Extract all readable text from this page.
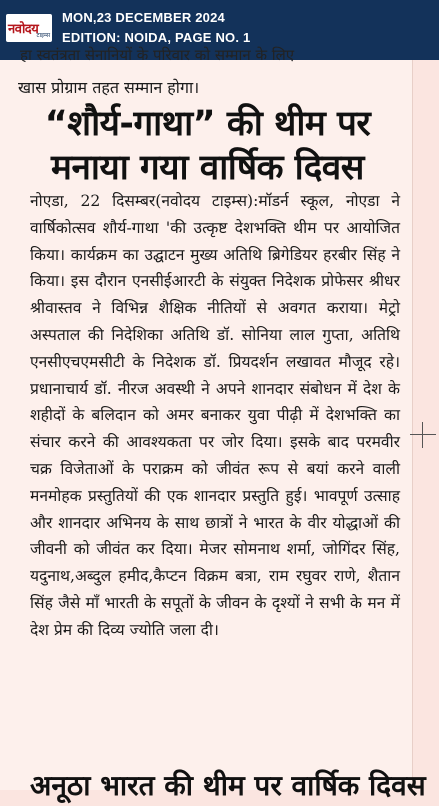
नवोदय
टाइम्स
MON,23 DECEMBER 2024
EDITION: NOIDA, PAGE NO. 1
हा स्वतंत्रता सेनानियों के परिवार को सम्मान के लिए
खास प्रोग्राम तहत सम्मान होगा।
“शौर्य-गाथा” की थीम पर
मनाया गया वार्षिक दिवस

नोएडा, 22 दिसम्बर(नवोदय टाइम्स):मॉडर्न स्कूल, नोएडा ने वार्षिकोत्सव शौर्य-गाथा 'की उत्कृष्ट देशभक्ति थीम पर आयोजित किया। कार्यक्रम का उद्घाटन मुख्य अतिथि ब्रिगेडियर हरबीर सिंह ने किया। इस दौरान एनसीईआरटी के संयुक्त निदेशक प्रोफेसर श्रीधर श्रीवास्तव ने विभिन्न शैक्षिक नीतियों से अवगत कराया। मेट्रो अस्पताल की निदेशिका अतिथि डॉ. सोनिया लाल गुप्ता, अतिथि एनसीएचएमसीटी के निदेशक डॉ. प्रियदर्शन लखावत मौजूद रहे। प्रधानाचार्य डॉ. नीरज अवस्थी ने अपने शानदार संबोधन में देश के शहीदों के बलिदान को अमर बनाकर युवा पीढ़ी में देशभक्ति का संचार करने की आवश्यकता पर जोर दिया। इसके बाद परमवीर चक्र विजेताओं के पराक्रम को जीवंत रूप से बयां करने वाली मनमोहक प्रस्तुतियों की एक शानदार प्रस्तुति हुई। भावपूर्ण उत्साह और शानदार अभिनय के साथ छात्रों ने भारत के वीर योद्धाओं की जीवनी को जीवंत कर दिया। मेजर सोमनाथ शर्मा, जोगिंदर सिंह, यदुनाथ,अब्दुल हमीद,कैप्टन विक्रम बत्रा, राम रघुवर राणे, शैतान सिंह जैसे माँ भारती के सपूतों के जीवन के दृश्यों ने सभी के मन में देश प्रेम की दिव्य ज्योति जला दी।

अनूठा भारत की थीम पर वार्षिक दिवस
